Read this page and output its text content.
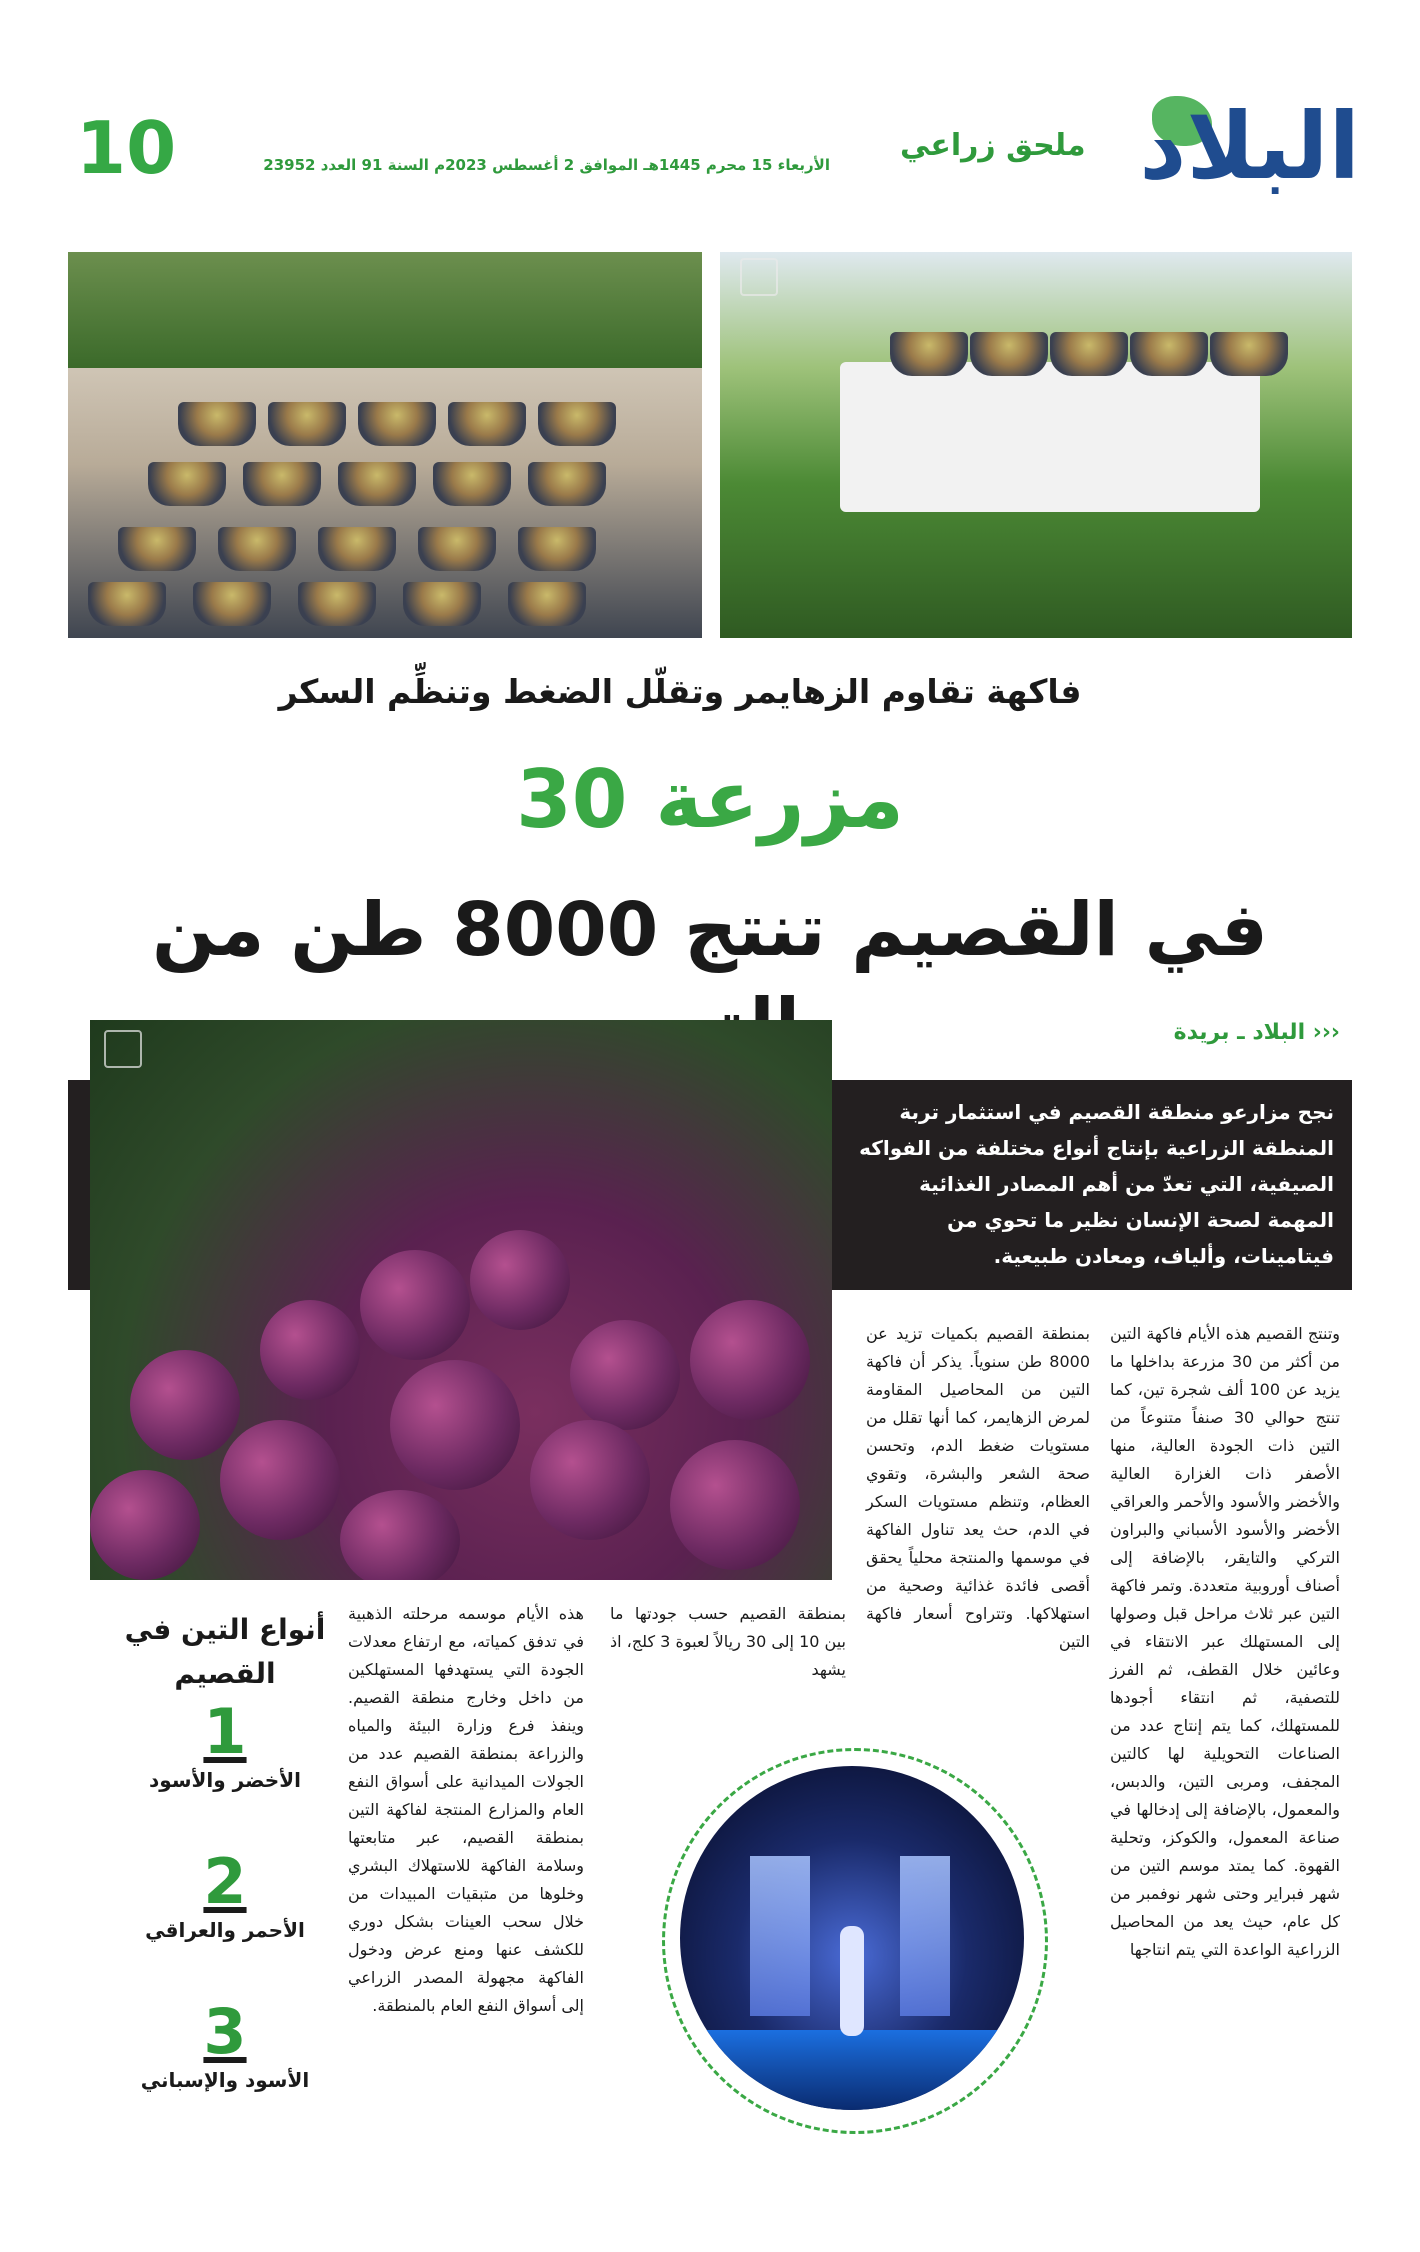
البلاد
ملحق زراعي
الأربعاء 15 محرم 1445هـ الموافق 2 أغسطس 2023م السنة 91 العدد 23952
10
فاكهة تقاوم الزهايمر وتقلّل الضغط وتنظِّم السكر
30 مزرعة
في القصيم تنتج 8000 طن من
‹‹‹ البلاد ـ بريدة
نجح مزارعو منطقة القصيم في استثمار تربة المنطقة الزراعية بإنتاج أنواع مختلفة من الفواكه الصيفية، التي تعدّ من أهم المصادر الغذائية المهمة لصحة الإنسان نظير ما تحوي من فيتامينات، وألياف، ومعادن طبيعية.
وتنتج القصيم هذه الأيام فاكهة التين من أكثر من 30 مزرعة بداخلها ما يزيد عن 100 ألف شجرة تين، كما تنتج حوالي 30 صنفاً متنوعاً من التين ذات الجودة العالية، منها الأصفر ذات الغزارة العالية والأخضر والأسود والأحمر والعراقي الأخضر والأسود الأسباني والبراون التركي والتايقر، بالإضافة إلى أصناف أوروبية متعددة. وتمر فاكهة التين عبر ثلاث مراحل قبل وصولها إلى المستهلك عبر الانتقاء في وعائين خلال القطف، ثم الفرز للتصفية، ثم انتقاء أجودها للمستهلك، كما يتم إنتاج عدد من الصناعات التحويلية لها كالتين المجفف، ومربى التين، والدبس، والمعمول، بالإضافة إلى إدخالها في صناعة المعمول، والكوكز، وتحلية القهوة. كما يمتد موسم التين من شهر فبراير وحتى شهر نوفمبر من كل عام، حيث يعد من المحاصيل الزراعية الواعدة التي يتم انتاجها
بمنطقة القصيم بكميات تزيد عن 8000 طن سنوياً. يذكر أن فاكهة التين من المحاصيل المقاومة لمرض الزهايمر، كما أنها تقلل من مستويات ضغط الدم، وتحسن صحة الشعر والبشرة، وتقوي العظام، وتنظم مستويات السكر في الدم، حث يعد تناول الفاكهة في موسمها والمنتجة محلياً يحقق أقصى فائدة غذائية وصحية من استهلاكها. وتتراوح أسعار فاكهة التين
بمنطقة القصيم حسب جودتها ما بين 10 إلى 30 ريالاً لعبوة 3 كلج، اذ يشهد
هذه الأيام موسمه مرحلته الذهبية في تدفق كمياته، مع ارتفاع معدلات الجودة التي يستهدفها المستهلكين من داخل وخارج منطقة القصيم. وينفذ فرع وزارة البيئة والمياه والزراعة بمنطقة القصيم عدد من الجولات الميدانية على أسواق النفع العام والمزارع المنتجة لفاكهة التين بمنطقة القصيم، عبر متابعتها وسلامة الفاكهة للاستهلاك البشري وخلوها من متبقيات المبيدات من خلال سحب العينات بشكل دوري للكشف عنها ومنع عرض ودخول الفاكهة مجهولة المصدر الزراعي إلى أسواق النفع العام بالمنطقة.
أنواع التين في القصيم
1
الأخضر والأسود
2
الأحمر والعراقي
3
الأسود والإسباني
